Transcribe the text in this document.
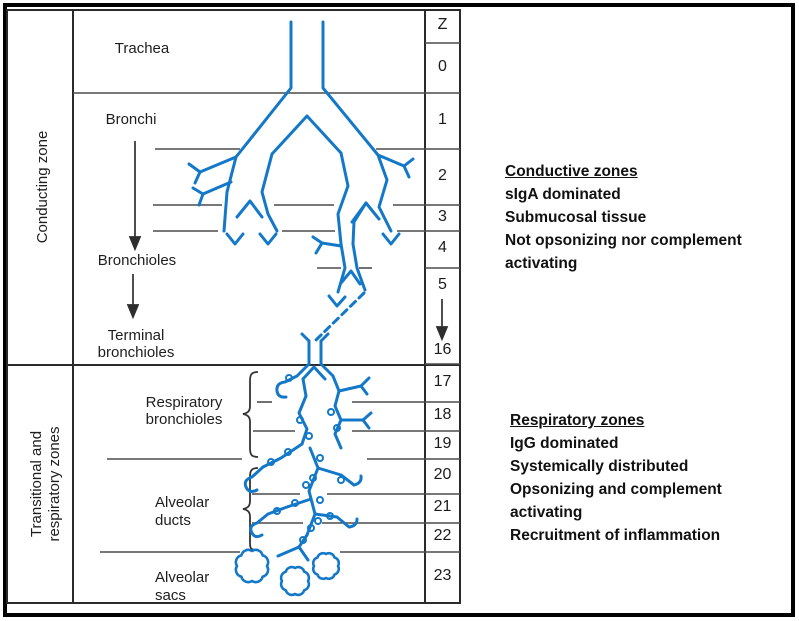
Conducting zone
Transitional and respiratory zones
Trachea
Bronchi
Bronchioles
Terminal bronchioles
Respiratory bronchioles
Alveolar ducts
Alveolar sacs
Z
0
1
2
3
4
5
16
17
18
19
20
21
22
23
Conductive zones
sIgA dominated
Submucosal tissue
Not opsonizing nor complement activating
Respiratory zones
IgG dominated
Systemically distributed
Opsonizing and complement activating
Recruitment of inflammation
